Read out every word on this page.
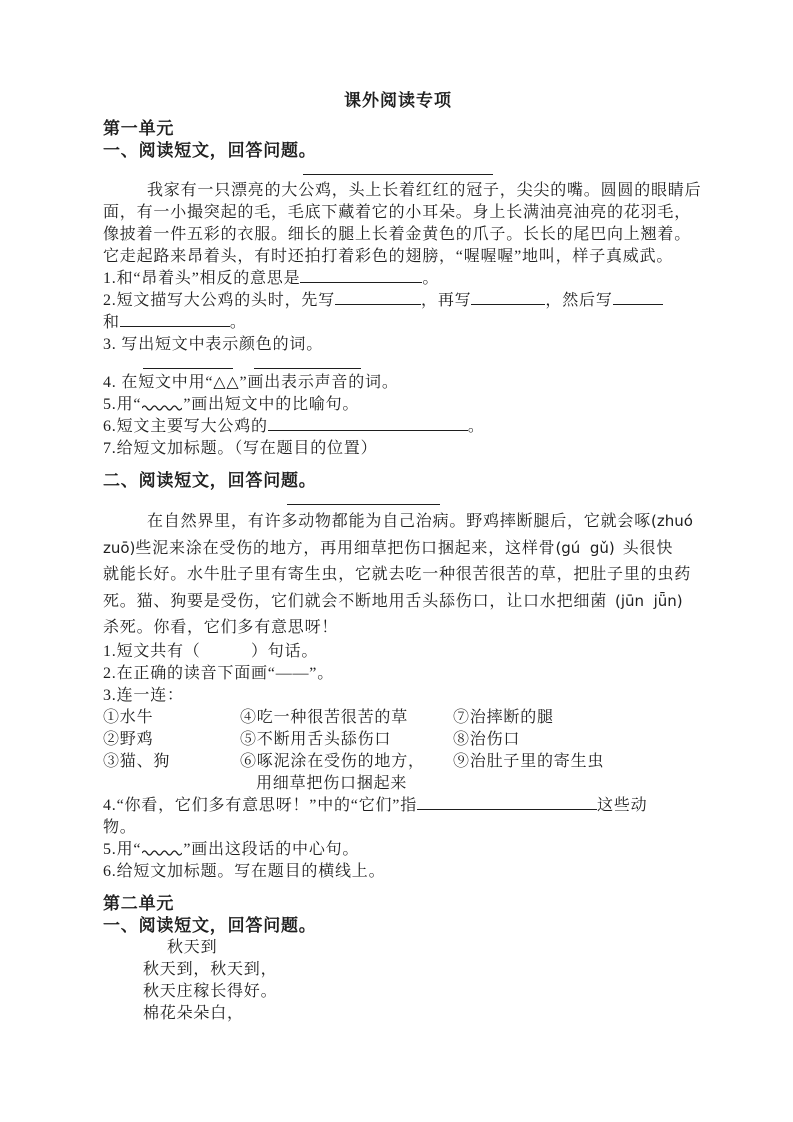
课外阅读专项
第一单元
一、阅读短文，回答问题。
我家有一只漂亮的大公鸡，头上长着红红的冠子，尖尖的嘴。圆圆的眼睛后
面，有一小撮突起的毛，毛底下藏着它的小耳朵。身上长满油亮油亮的花羽毛，
像披着一件五彩的衣服。细长的腿上长着金黄色的爪子。长长的尾巴向上翘着。
它走起路来昂着头，有时还拍打着彩色的翅膀，“喔喔喔”地叫，样子真威武。
1.和“昂着头”相反的意思是	。
2.短文描写大公鸡的头时，先写	，再写	，然后写
和	。
3. 写出短文中表示颜色的词。
4. 在短文中用“△△”画出表示声音的词。
5.用“	”画出短文中的比喻句。
6.短文主要写大公鸡的	。
7.给短文加标题。（写在题目的位置）
二、阅读短文，回答问题。
在自然界里，有许多动物都能为自己治病。野鸡摔断腿后，它就会啄(zhuó
zuō)些泥来涂在受伤的地方，再用细草把伤口捆起来，这样骨(gú  gǔ) 头很快
就能长好。水牛肚子里有寄生虫，它就去吃一种很苦很苦的草，把肚子里的虫药
死。猫、狗要是受伤，它们就会不断地用舌头舔伤口，让口水把细菌 (jūn  jǖn)
杀死。你看，它们多有意思呀！
1.短文共有（　　　）句话。
2.在正确的读音下面画“——”。
3.连一连：
①水牛	④吃一种很苦很苦的草	⑦治摔断的腿
②野鸡	⑤不断用舌头舔伤口	⑧治伤口
③猫、狗	⑥啄泥涂在受伤的地方，	⑨治肚子里的寄生虫
用细草把伤口捆起来
4.“你看，它们多有意思呀！”中的“它们”指	这些动
物。
5.用“	”画出这段话的中心句。
6.给短文加标题。写在题目的横线上。
第二单元
一、阅读短文，回答问题。
秋天到
秋天到，秋天到，
秋天庄稼长得好。
棉花朵朵白，
